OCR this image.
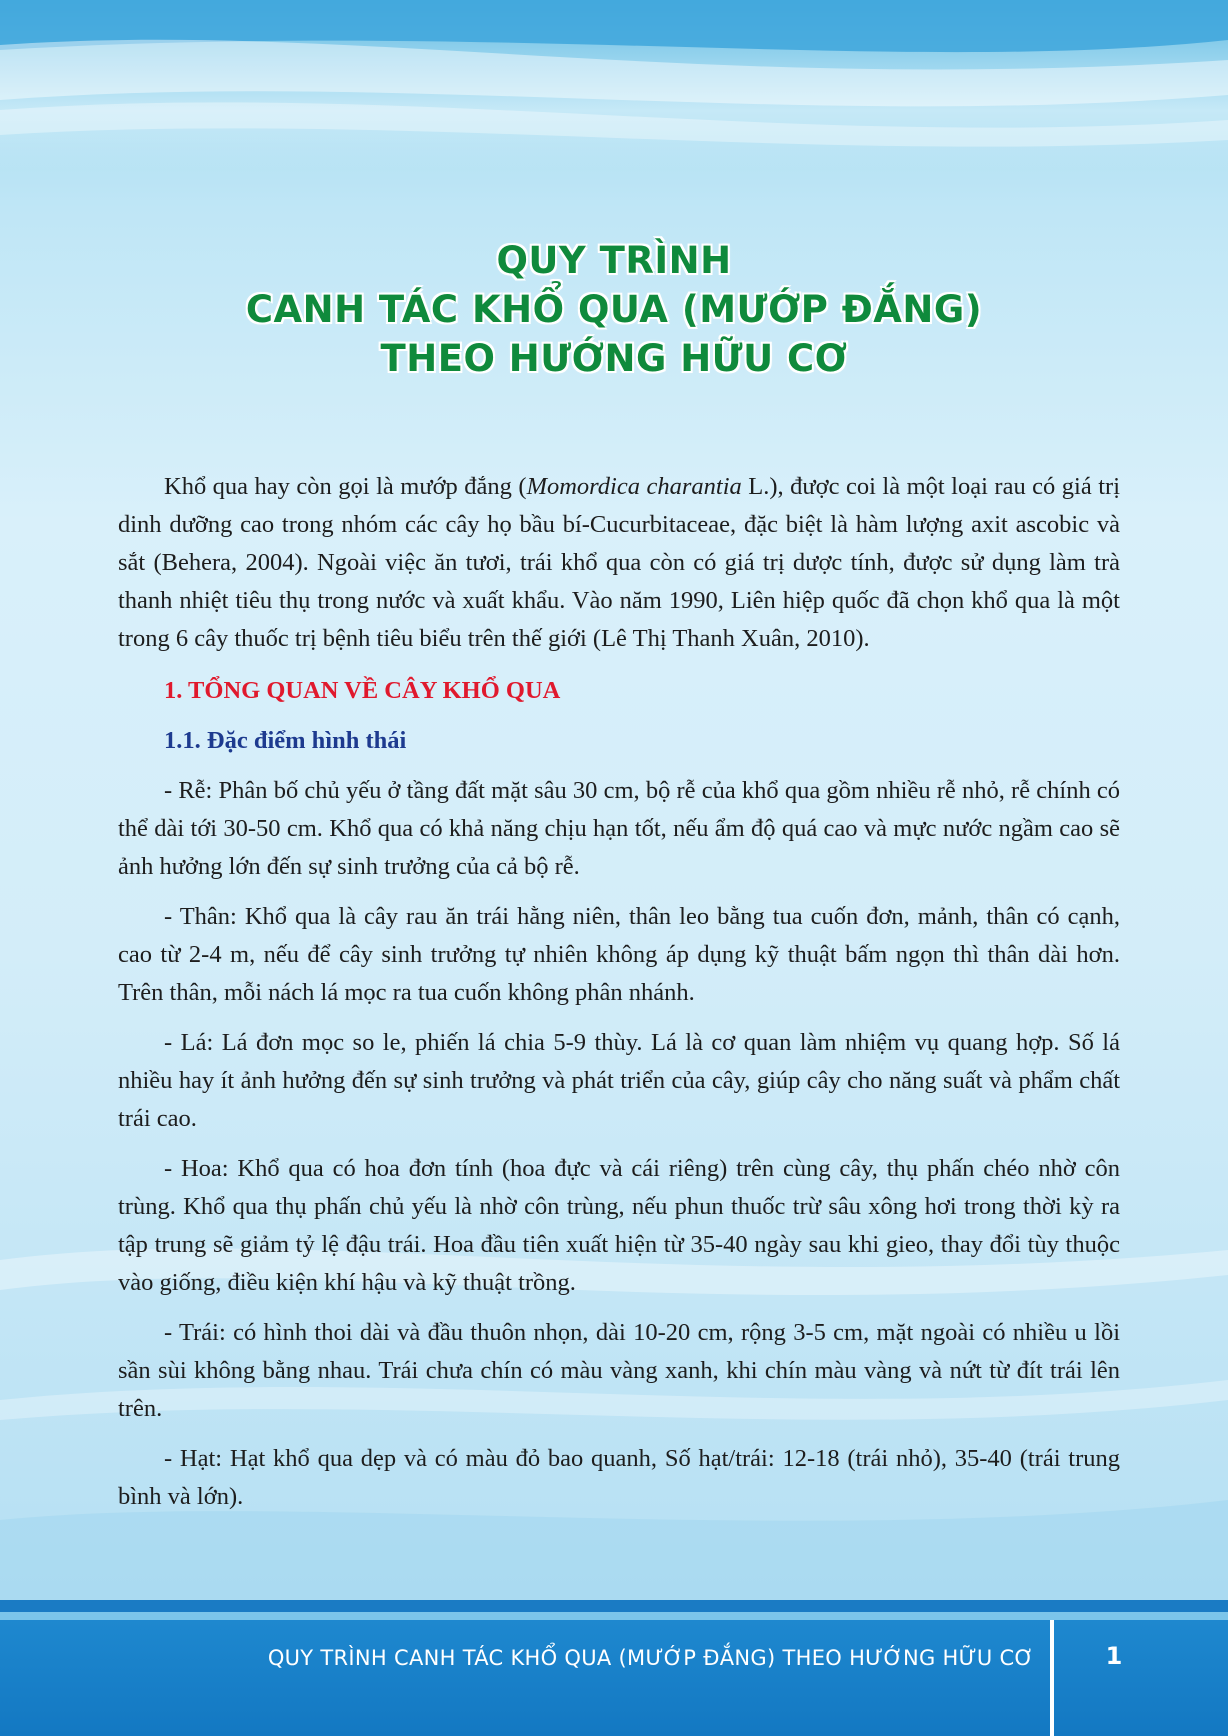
QUY TRÌNH
CANH TÁC KHỔ QUA (MƯỚP ĐẮNG)
THEO HƯỚNG HỮU CƠ

Khổ qua hay còn gọi là mướp đắng (Momordica charantia L.), được coi là một loại rau có giá trị dinh dưỡng cao trong nhóm các cây họ bầu bí-Cucurbitaceae, đặc biệt là hàm lượng axit ascobic và sắt (Behera, 2004). Ngoài việc ăn tươi, trái khổ qua còn có giá trị dược tính, được sử dụng làm trà thanh nhiệt tiêu thụ trong nước và xuất khẩu. Vào năm 1990, Liên hiệp quốc đã chọn khổ qua là một trong 6 cây thuốc trị bệnh tiêu biểu trên thế giới (Lê Thị Thanh Xuân, 2010).

1. TỔNG QUAN VỀ CÂY KHỔ QUA
1.1. Đặc điểm hình thái

- Rễ: Phân bố chủ yếu ở tầng đất mặt sâu 30 cm, bộ rễ của khổ qua gồm nhiều rễ nhỏ, rễ chính có thể dài tới 30-50 cm. Khổ qua có khả năng chịu hạn tốt, nếu ẩm độ quá cao và mực nước ngầm cao sẽ ảnh hưởng lớn đến sự sinh trưởng của cả bộ rễ.

- Thân: Khổ qua là cây rau ăn trái hằng niên, thân leo bằng tua cuốn đơn, mảnh, thân có cạnh, cao từ 2-4 m, nếu để cây sinh trưởng tự nhiên không áp dụng kỹ thuật bấm ngọn thì thân dài hơn. Trên thân, mỗi nách lá mọc ra tua cuốn không phân nhánh.

- Lá: Lá đơn mọc so le, phiến lá chia 5-9 thùy. Lá là cơ quan làm nhiệm vụ quang hợp. Số lá nhiều hay ít ảnh hưởng đến sự sinh trưởng và phát triển của cây, giúp cây cho năng suất và phẩm chất trái cao.

- Hoa: Khổ qua có hoa đơn tính (hoa đực và cái riêng) trên cùng cây, thụ phấn chéo nhờ côn trùng. Khổ qua thụ phấn chủ yếu là nhờ côn trùng, nếu phun thuốc trừ sâu xông hơi trong thời kỳ ra tập trung sẽ giảm tỷ lệ đậu trái. Hoa đầu tiên xuất hiện từ 35-40 ngày sau khi gieo, thay đổi tùy thuộc vào giống, điều kiện khí hậu và kỹ thuật trồng.

- Trái: có hình thoi dài và đầu thuôn nhọn, dài 10-20 cm, rộng 3-5 cm, mặt ngoài có nhiều u lồi sần sùi không bằng nhau. Trái chưa chín có màu vàng xanh, khi chín màu vàng và nứt từ đít trái lên trên.

- Hạt: Hạt khổ qua dẹp và có màu đỏ bao quanh, Số hạt/trái: 12-18 (trái nhỏ), 35-40 (trái trung bình và lớn).

QUY TRÌNH CANH TÁC KHỔ QUA (MƯỚP ĐẮNG) THEO HƯỚNG HỮU CƠ	1
